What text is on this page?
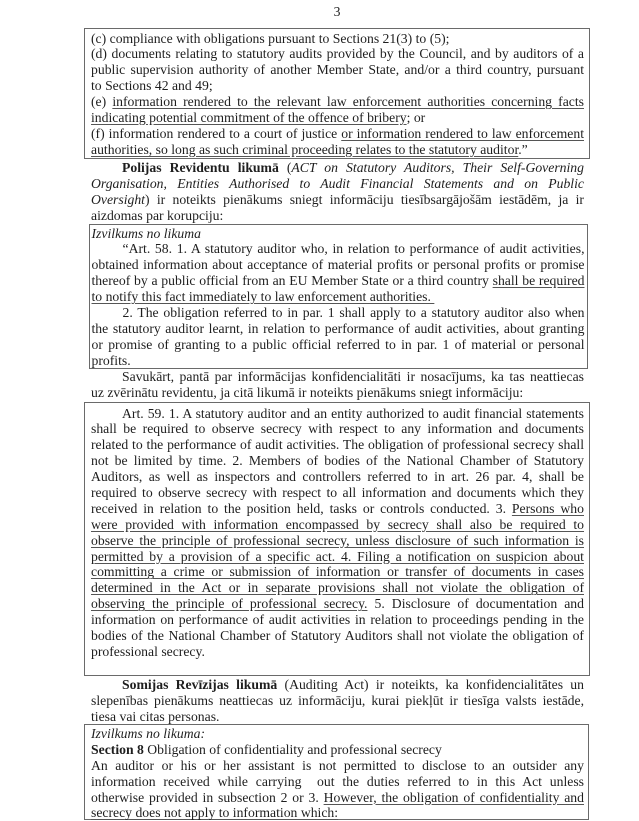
3
(c) compliance with obligations pursuant to Sections 21(3) to (5);
(d) documents relating to statutory audits provided by the Council, and by auditors of a
public supervision authority of another Member State, and/or a third country, pursuant
to Sections 42 and 49;
(e) information rendered to the relevant law enforcement authorities concerning facts
indicating potential commitment of the offence of bribery; or
(f) information rendered to a court of justice or information rendered to law enforcement
authorities, so long as such criminal proceeding relates to the statutory auditor.”
Polijas Revidentu likumā (ACT on Statutory Auditors, Their Self-Governing
Organisation, Entities Authorised to Audit Financial Statements and on Public
Oversight) ir noteikts pienākums sniegt informāciju tiesībsargājošām iestādēm, ja ir
aizdomas par korupciju:
Izvilkums no likuma
“Art. 58. 1. A statutory auditor who, in relation to performance of audit activities,
obtained information about acceptance of material profits or personal profits or promise
thereof by a public official from an EU Member State or a third country shall be required
to notify this fact immediately to law enforcement authorities.
2. The obligation referred to in par. 1 shall apply to a statutory auditor also when
the statutory auditor learnt, in relation to performance of audit activities, about granting
or promise of granting to a public official referred to in par. 1 of material or personal
profits.
Savukārt, pantā par informācijas konfidencialitāti ir nosacījums, ka tas neattiecas
uz zvērinātu revidentu, ja citā likumā ir noteikts pienākums sniegt informāciju:
Art. 59. 1. A statutory auditor and an entity authorized to audit financial statements
shall be required to observe secrecy with respect to any information and documents
related to the performance of audit activities. The obligation of professional secrecy shall
not be limited by time. 2. Members of bodies of the National Chamber of Statutory
Auditors, as well as inspectors and controllers referred to in art. 26 par. 4, shall be
required to observe secrecy with respect to all information and documents which they
received in relation to the position held, tasks or controls conducted. 3. Persons who
were provided with information encompassed by secrecy shall also be required to
observe the principle of professional secrecy, unless disclosure of such information is
permitted by a provision of a specific act. 4. Filing a notification on suspicion about
committing a crime or submission of information or transfer of documents in cases
determined in the Act or in separate provisions shall not violate the obligation of
observing the principle of professional secrecy. 5. Disclosure of documentation and
information on performance of audit activities in relation to proceedings pending in the
bodies of the National Chamber of Statutory Auditors shall not violate the obligation of
professional secrecy.
Somijas Revīzijas likumā (Auditing Act) ir noteikts, ka konfidencialitātes un
slepenības pienākums neattiecas uz informāciju, kurai piekļūt ir tiesīga valsts iestāde,
tiesa vai citas personas.
Izvilkums no likuma:
Section 8 Obligation of confidentiality and professional secrecy
An auditor or his or her assistant is not permitted to disclose to an outsider any
information received while carrying  out the duties referred to in this Act unless
otherwise provided in subsection 2 or 3. However, the obligation of confidentiality and
secrecy does not apply to information which:
